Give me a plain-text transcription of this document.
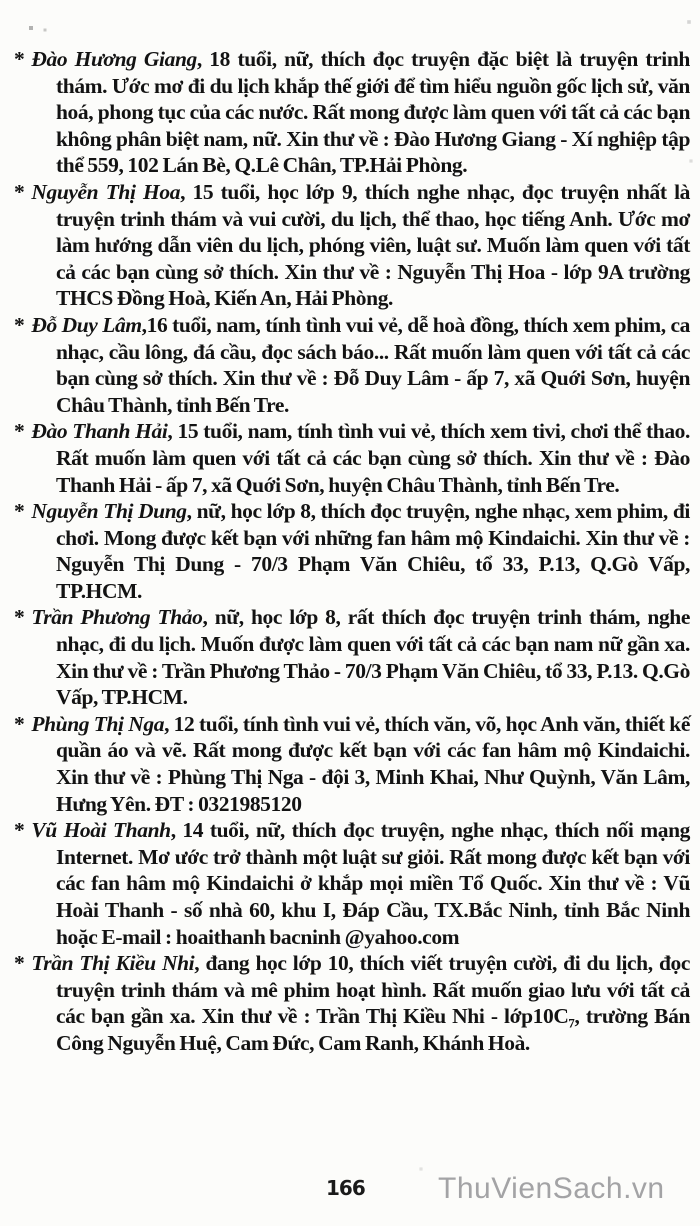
* Đào Hương Giang, 18 tuổi, nữ, thích đọc truyện đặc biệt là truyện trinh thám. Ước mơ đi du lịch khắp thế giới để tìm hiểu nguồn gốc lịch sử, văn hoá, phong tục của các nước. Rất mong được làm quen với tất cả các bạn không phân biệt nam, nữ. Xin thư về : Đào Hương Giang - Xí nghiệp tập thể 559, 102 Lán Bè, Q.Lê Chân, TP.Hải Phòng.
* Nguyễn Thị Hoa, 15 tuổi, học lớp 9, thích nghe nhạc, đọc truyện nhất là truyện trinh thám và vui cười, du lịch, thể thao, học tiếng Anh. Ước mơ làm hướng dẫn viên du lịch, phóng viên, luật sư. Muốn làm quen với tất cả các bạn cùng sở thích. Xin thư về : Nguyễn Thị Hoa - lớp 9A trường THCS Đồng Hoà, Kiến An, Hải Phòng.
* Đỗ Duy Lâm,16 tuổi, nam, tính tình vui vẻ, dễ hoà đồng, thích xem phim, ca nhạc, cầu lông, đá cầu, đọc sách báo... Rất muốn làm quen với tất cả các bạn cùng sở thích. Xin thư về : Đỗ Duy Lâm - ấp 7, xã Quới Sơn, huyện Châu Thành, tỉnh Bến Tre.
* Đào Thanh Hải, 15 tuổi, nam, tính tình vui vẻ, thích xem tivi, chơi thể thao. Rất muốn làm quen với tất cả các bạn cùng sở thích. Xin thư về : Đào Thanh Hải - ấp 7, xã Quới Sơn, huyện Châu Thành, tỉnh Bến Tre.
* Nguyễn Thị Dung, nữ, học lớp 8, thích đọc truyện, nghe nhạc, xem phim, đi chơi. Mong được kết bạn với những fan hâm mộ Kindaichi. Xin thư về : Nguyễn Thị Dung - 70/3 Phạm Văn Chiêu, tổ 33, P.13, Q.Gò Vấp, TP.HCM.
* Trần Phương Thảo, nữ, học lớp 8, rất thích đọc truyện trinh thám, nghe nhạc, đi du lịch. Muốn được làm quen với tất cả các bạn nam nữ gần xa. Xin thư về : Trần Phương Thảo - 70/3 Phạm Văn Chiêu, tổ 33, P.13. Q.Gò Vấp, TP.HCM.
* Phùng Thị Nga, 12 tuổi, tính tình vui vẻ, thích văn, võ, học Anh văn, thiết kế quần áo và vẽ. Rất mong được kết bạn với các fan hâm mộ Kindaichi. Xin thư về : Phùng Thị Nga - đội 3, Minh Khai, Như Quỳnh, Văn Lâm, Hưng Yên. ĐT : 0321985120
* Vũ Hoài Thanh, 14 tuổi, nữ, thích đọc truyện, nghe nhạc, thích nối mạng Internet. Mơ ước trở thành một luật sư giỏi. Rất mong được kết bạn với các fan hâm mộ Kindaichi ở khắp mọi miền Tổ Quốc. Xin thư về : Vũ Hoài Thanh - số nhà 60, khu I, Đáp Cầu, TX.Bắc Ninh, tỉnh Bắc Ninh hoặc E-mail : hoaithanh bacninh @yahoo.com
* Trần Thị Kiều Nhi, đang học lớp 10, thích viết truyện cười, đi du lịch, đọc truyện trinh thám và mê phim hoạt hình. Rất muốn giao lưu với tất cả các bạn gần xa. Xin thư về : Trần Thị Kiều Nhi - lớp10C₇, trường Bán Công Nguyễn Huệ, Cam Đức, Cam Ranh, Khánh Hoà.
166 ThuVienSach.vn
